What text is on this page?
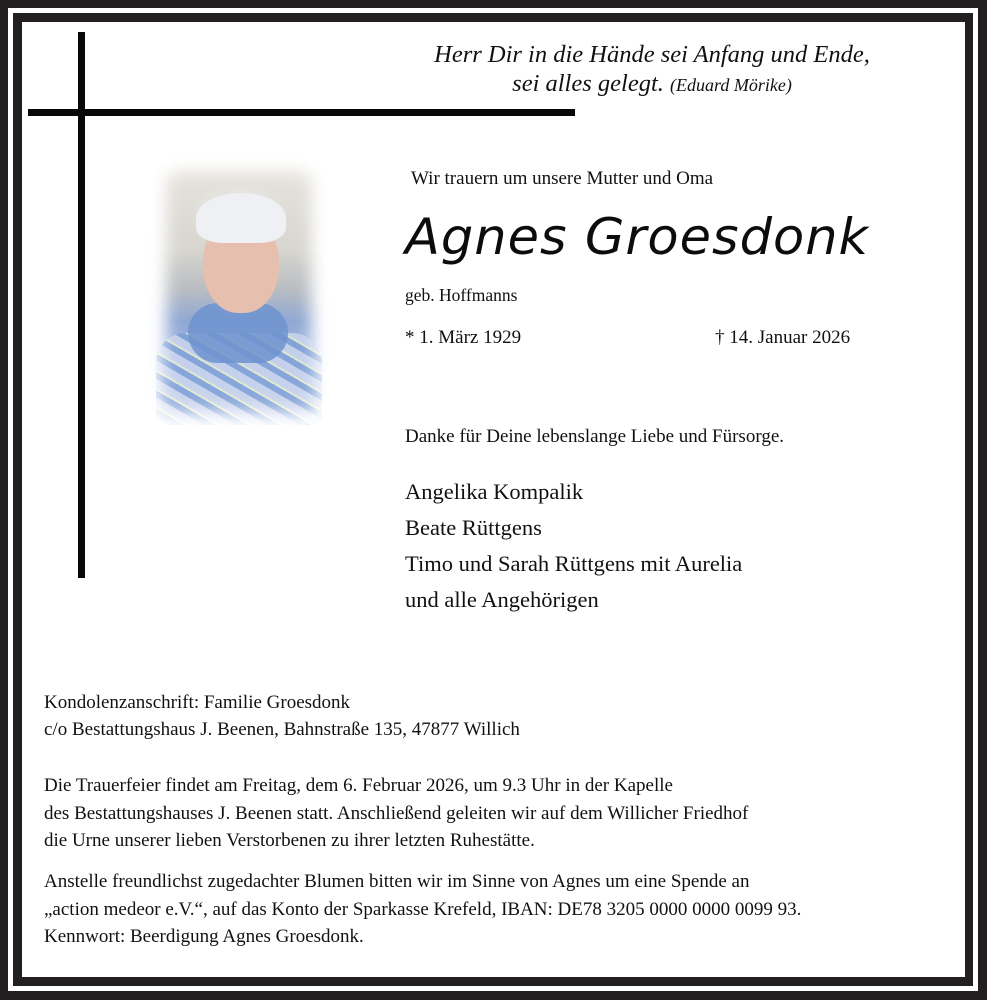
Herr Dir in die Hände sei Anfang und Ende,
sei alles gelegt. (Eduard Mörike)
Wir trauern um unsere Mutter und Oma
Agnes Groesdonk
geb. Hoffmanns
* 1. März 1929	† 14. Januar 2026
Danke für Deine lebenslange Liebe und Fürsorge.
Angelika Kompalik
Beate Rüttgens
Timo und Sarah Rüttgens mit Aurelia
und alle Angehörigen
Kondolenzanschrift: Familie Groesdonk
c/o Bestattungshaus J. Beenen, Bahnstraße 135, 47877 Willich
Die Trauerfeier findet am Freitag, dem 6. Februar 2026, um 9.3 Uhr in der Kapelle
des Bestattungshauses J. Beenen statt. Anschließend geleiten wir auf dem Willicher Friedhof
die Urne unserer lieben Verstorbenen zu ihrer letzten Ruhestätte.
Anstelle freundlichst zugedachter Blumen bitten wir im Sinne von Agnes um eine Spende an
„action medeor e.V.“, auf das Konto der Sparkasse Krefeld, IBAN: DE78 3205 0000 0000 0099 93.
Kennwort: Beerdigung Agnes Groesdonk.
